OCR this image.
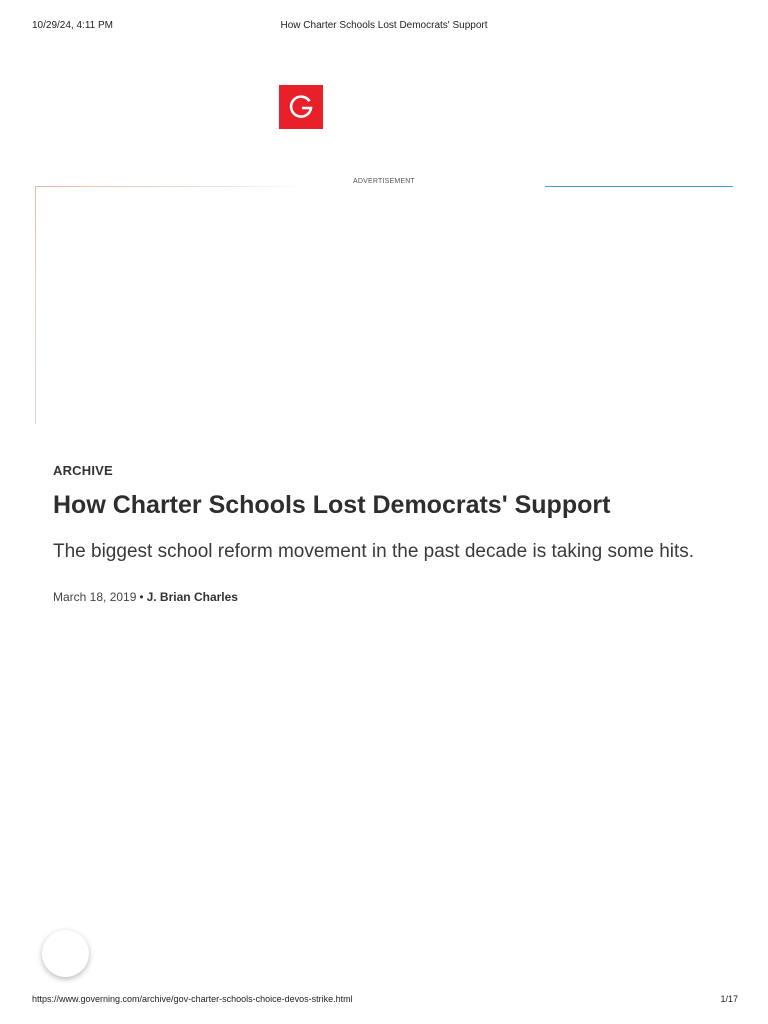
10/29/24, 4:11 PM	How Charter Schools Lost Democrats' Support
ADVERTISEMENT
ARCHIVE
How Charter Schools Lost Democrats' Support

The biggest school reform movement in the past decade is taking some hits.

March 18, 2019 • J. Brian Charles
https://www.governing.com/archive/gov-charter-schools-choice-devos-strike.html	1/17
